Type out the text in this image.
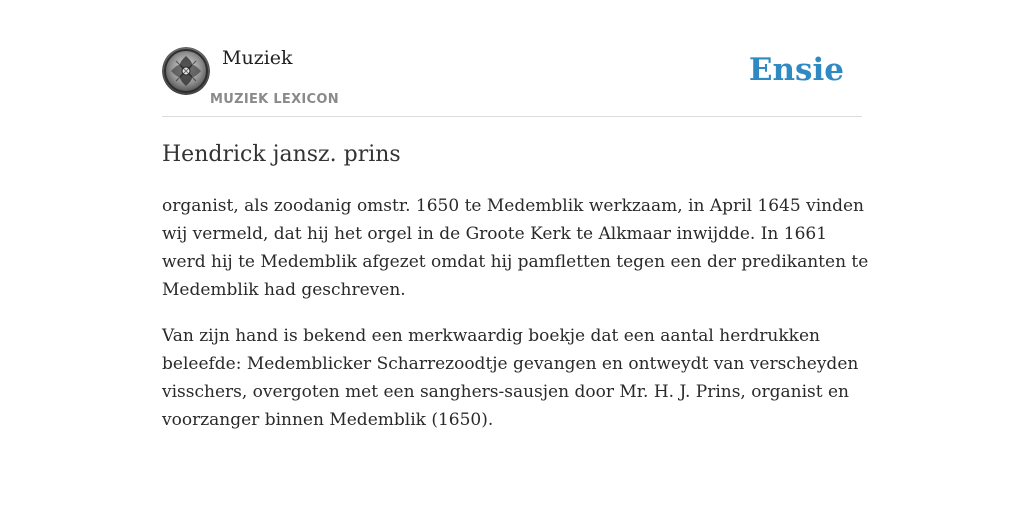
Muziek
MUZIEK LEXICON
Ensie
Hendrick jansz. prins

organist, als zoodanig omstr. 1650 te Medemblik werkzaam, in April 1645 vinden wij vermeld, dat hij het orgel in de Groote Kerk te Alkmaar inwijdde. In 1661 werd hij te Medemblik afgezet omdat hij pamfletten tegen een der predikanten te Medemblik had geschreven.

Van zijn hand is bekend een merkwaardig boekje dat een aantal herdrukken beleefde: Medemblicker Scharrezoodtje gevangen en ontweydt van verscheyden visschers, overgoten met een sanghers-sausjen door Mr. H. J. Prins, organist en voorzanger binnen Medemblik (1650).
